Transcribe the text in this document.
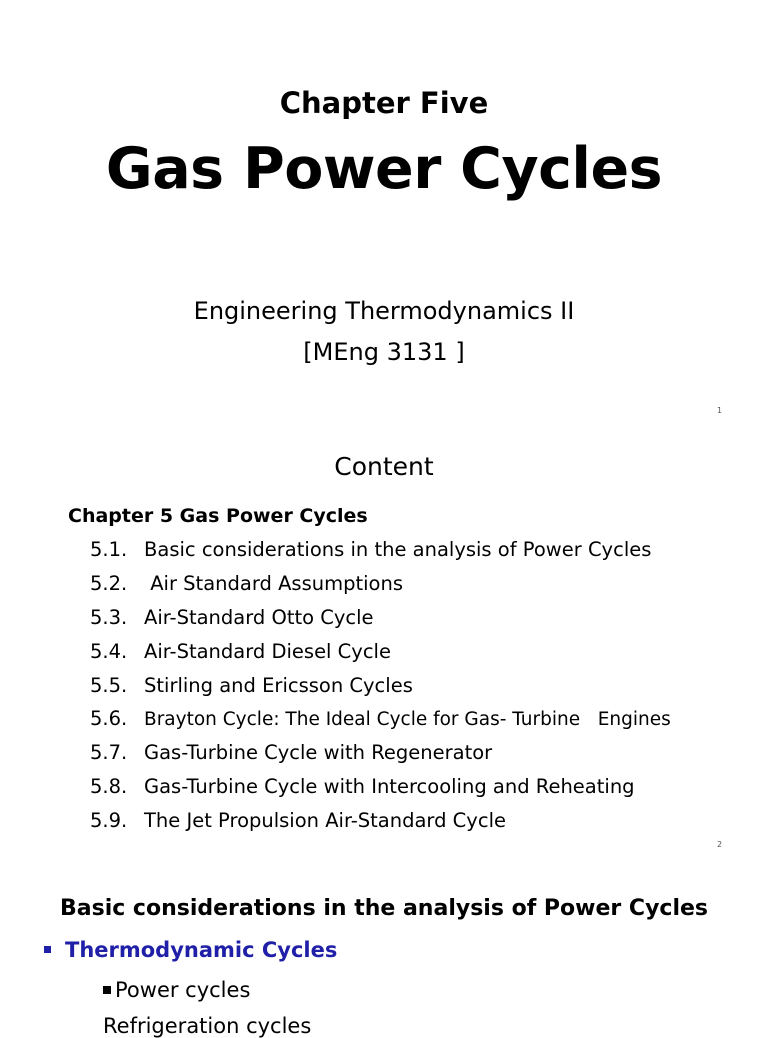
Chapter Five
Gas Power Cycles
Engineering Thermodynamics II
[MEng 3131 ]
1
Content
Chapter 5 Gas Power Cycles
5.1. Basic considerations in the analysis of Power Cycles
5.2. Air Standard Assumptions
5.3. Air-Standard Otto Cycle
5.4. Air-Standard Diesel Cycle
5.5. Stirling and Ericsson Cycles
5.6. Brayton Cycle: The Ideal Cycle for Gas- Turbine   Engines
5.7. Gas-Turbine Cycle with Regenerator
5.8. Gas-Turbine Cycle with Intercooling and Reheating
5.9. The Jet Propulsion Air-Standard Cycle
2
Basic considerations in the analysis of Power Cycles
Thermodynamic Cycles
Power cycles
Refrigeration cycles
